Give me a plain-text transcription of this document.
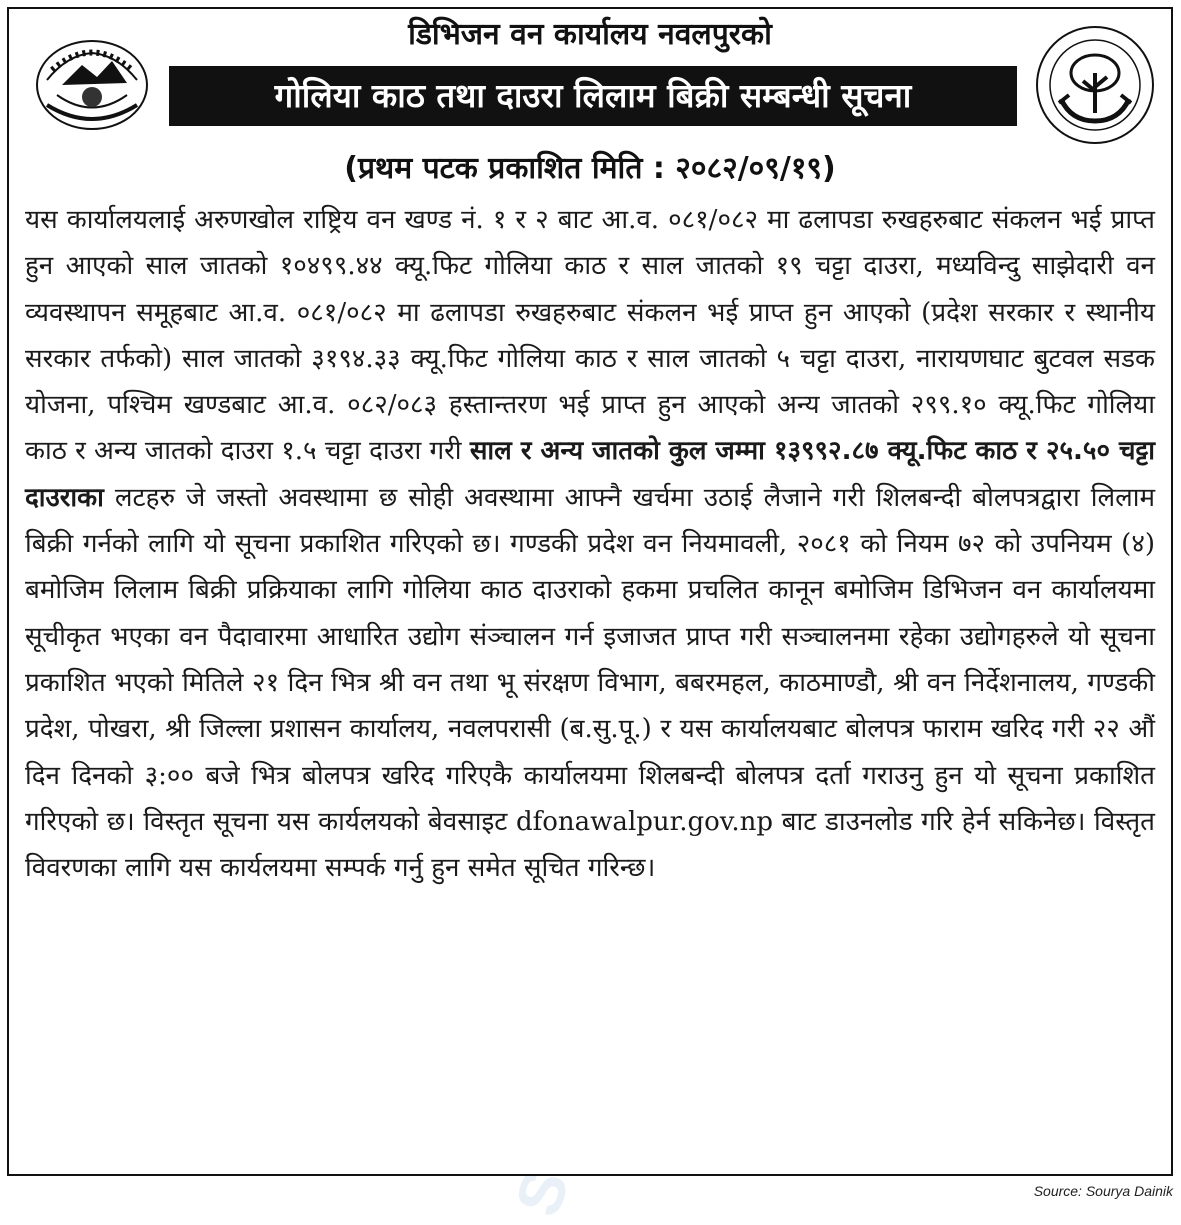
डिभिजन वन कार्यालय नवलपुरको
गोलिया काठ तथा दाउरा लिलाम बिक्री सम्बन्धी सूचना
(प्रथम पटक प्रकाशित मिति : २०८२/०९/१९)

यस कार्यालयलाई अरुणखोल राष्ट्रिय वन खण्ड नं. १ र २ बाट आ.व. ०८१/०८२ मा ढलापडा रुखहरुबाट संकलन भई प्राप्त हुन आएको साल जातको १०४९९.४४ क्यू.फिट गोलिया काठ र साल जातको १९ चट्टा दाउरा, मध्यविन्दु साझेदारी वन व्यवस्थापन समूहबाट आ.व. ०८१/०८२ मा ढलापडा रुखहरुबाट संकलन भई प्राप्त हुन आएको (प्रदेश सरकार र स्थानीय सरकार तर्फको) साल जातको ३१९४.३३ क्यू.फिट गोलिया काठ र साल जातको ५ चट्टा दाउरा, नारायणघाट बुटवल सडक योजना, पश्चिम खण्डबाट आ.व. ०८२/०८३ हस्तान्तरण भई प्राप्त हुन आएको अन्य जातको २९९.१० क्यू.फिट गोलिया काठ र अन्य जातको दाउरा १.५ चट्टा दाउरा गरी साल र अन्य जातको कुल जम्मा १३९९२.८७ क्यू.फिट काठ र २५.५० चट्टा दाउराका लटहरु जे जस्तो अवस्थामा छ सोही अवस्थामा आफ्नै खर्चमा उठाई लैजाने गरी शिलबन्दी बोलपत्रद्वारा लिलाम बिक्री गर्नको लागि यो सूचना प्रकाशित गरिएको छ। गण्डकी प्रदेश वन नियमावली, २०८१ को नियम ७२ को उपनियम (४) बमोजिम लिलाम बिक्री प्रक्रियाका लागि गोलिया काठ दाउराको हकमा प्रचलित कानून बमोजिम डिभिजन वन कार्यालयमा सूचीकृत भएका वन पैदावारमा आधारित उद्योग संञ्चालन गर्न इजाजत प्राप्त गरी सञ्चालनमा रहेका उद्योगहरुले यो सूचना प्रकाशित भएको मितिले २१ दिन भित्र श्री वन तथा भू संरक्षण विभाग, बबरमहल, काठमाण्डौ, श्री वन निर्देशनालय, गण्डकी प्रदेश, पोखरा, श्री जिल्ला प्रशासन कार्यालय, नवलपरासी (ब.सु.पू.) र यस कार्यालयबाट बोलपत्र फाराम खरिद गरी २२ औं दिन दिनको ३:०० बजे भित्र बोलपत्र खरिद गरिएकै कार्यालयमा शिलबन्दी बोलपत्र दर्ता गराउनु हुन यो सूचना प्रकाशित गरिएको छ। विस्तृत सूचना यस कार्यलयको बेवसाइट dfonawalpur.gov.np बाट डाउनलोड गरि हेर्न सकिनेछ। विस्तृत विवरणका लागि यस कार्यलयमा सम्पर्क गर्नु हुन समेत सूचित गरिन्छ।

Source: Sourya Dainik
